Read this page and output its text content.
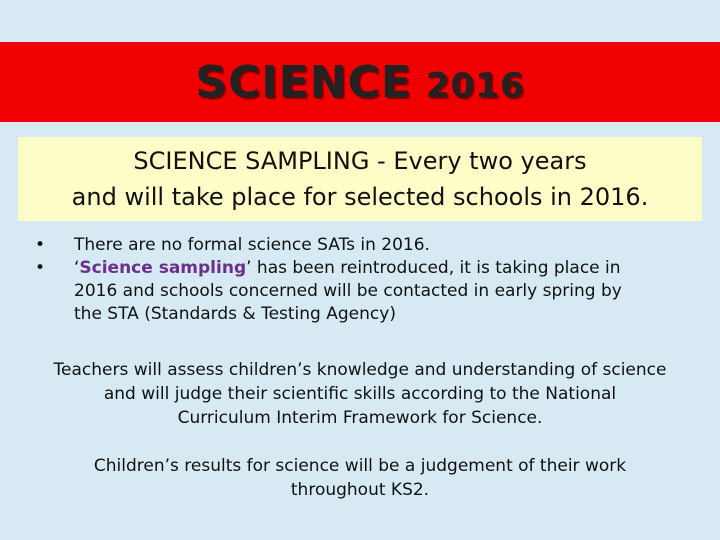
SCIENCE 2016
SCIENCE SAMPLING - Every two years
and will take place for selected schools in 2016.
• There are no formal science SATs in 2016.
• ‘Science sampling’ has been reintroduced, it is taking place in
2016 and schools concerned will be contacted in early spring by
the STA (Standards & Testing Agency)

Teachers will assess children’s knowledge and understanding of science
and will judge their scientific skills according to the National
Curriculum Interim Framework for Science.

Children’s results for science will be a judgement of their work
throughout KS2.
